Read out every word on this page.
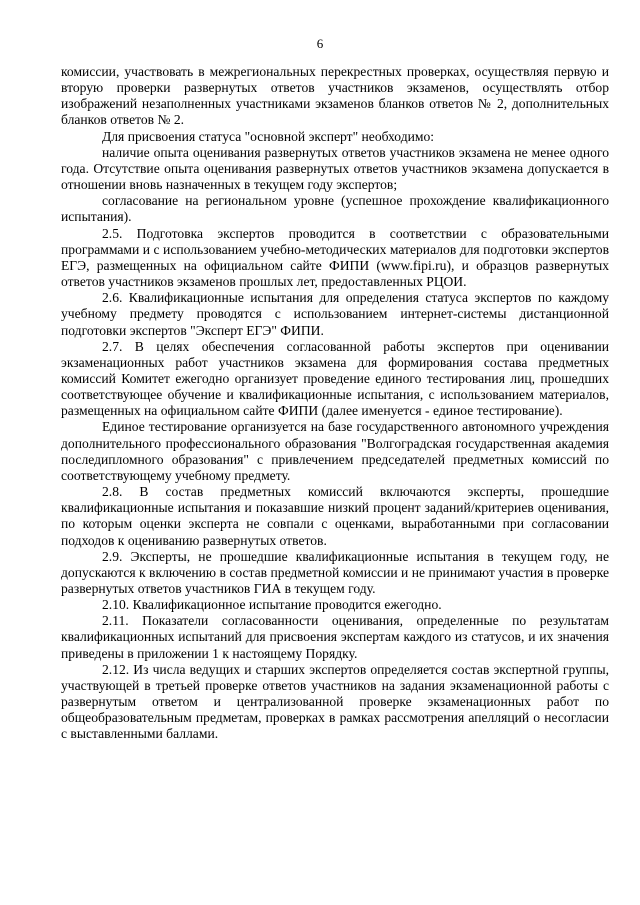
6

комиссии, участвовать в межрегиональных перекрестных проверках, осуществляя первую и вторую проверки развернутых ответов участников экзаменов, осуществлять отбор изображений незаполненных участниками экзаменов бланков ответов № 2, дополнительных бланков ответов № 2.

Для присвоения статуса "основной эксперт" необходимо:

наличие опыта оценивания развернутых ответов участников экзамена не менее одного года. Отсутствие опыта оценивания развернутых ответов участников экзамена допускается в отношении вновь назначенных в текущем году экспертов;

согласование на региональном уровне (успешное прохождение квалификационного испытания).

2.5. Подготовка экспертов проводится в соответствии с образовательными программами и с использованием учебно-методических материалов для подготовки экспертов ЕГЭ, размещенных на официальном сайте ФИПИ (www.fipi.ru), и образцов развернутых ответов участников экзаменов прошлых лет, предоставленных РЦОИ.

2.6. Квалификационные испытания для определения статуса экспертов по каждому учебному предмету проводятся с использованием интернет-системы дистанционной подготовки экспертов "Эксперт ЕГЭ" ФИПИ.

2.7. В целях обеспечения согласованной работы экспертов при оценивании экзаменационных работ участников экзамена для формирования состава предметных комиссий Комитет ежегодно организует проведение единого тестирования лиц, прошедших соответствующее обучение и квалификационные испытания, с использованием материалов, размещенных на официальном сайте ФИПИ (далее именуется - единое тестирование).

Единое тестирование организуется на базе государственного автономного учреждения дополнительного профессионального образования "Волгоградская государственная академия последипломного образования" с привлечением председателей предметных комиссий по соответствующему учебному предмету.

2.8. В состав предметных комиссий включаются эксперты, прошедшие квалификационные испытания и показавшие низкий процент заданий/критериев оценивания, по которым оценки эксперта не совпали с оценками, выработанными при согласовании подходов к оцениванию развернутых ответов.

2.9. Эксперты, не прошедшие квалификационные испытания в текущем году, не допускаются к включению в состав предметной комиссии и не принимают участия в проверке развернутых ответов участников ГИА в текущем году.

2.10. Квалификационное испытание проводится ежегодно.

2.11. Показатели согласованности оценивания, определенные по результатам квалификационных испытаний для присвоения экспертам каждого из статусов, и их значения приведены в приложении 1 к настоящему Порядку.

2.12. Из числа ведущих и старших экспертов определяется состав экспертной группы, участвующей в третьей проверке ответов участников на задания экзаменационной работы с развернутым ответом и централизованной проверке экзаменационных работ по общеобразовательным предметам, проверках в рамках рассмотрения апелляций о несогласии с выставленными баллами.
